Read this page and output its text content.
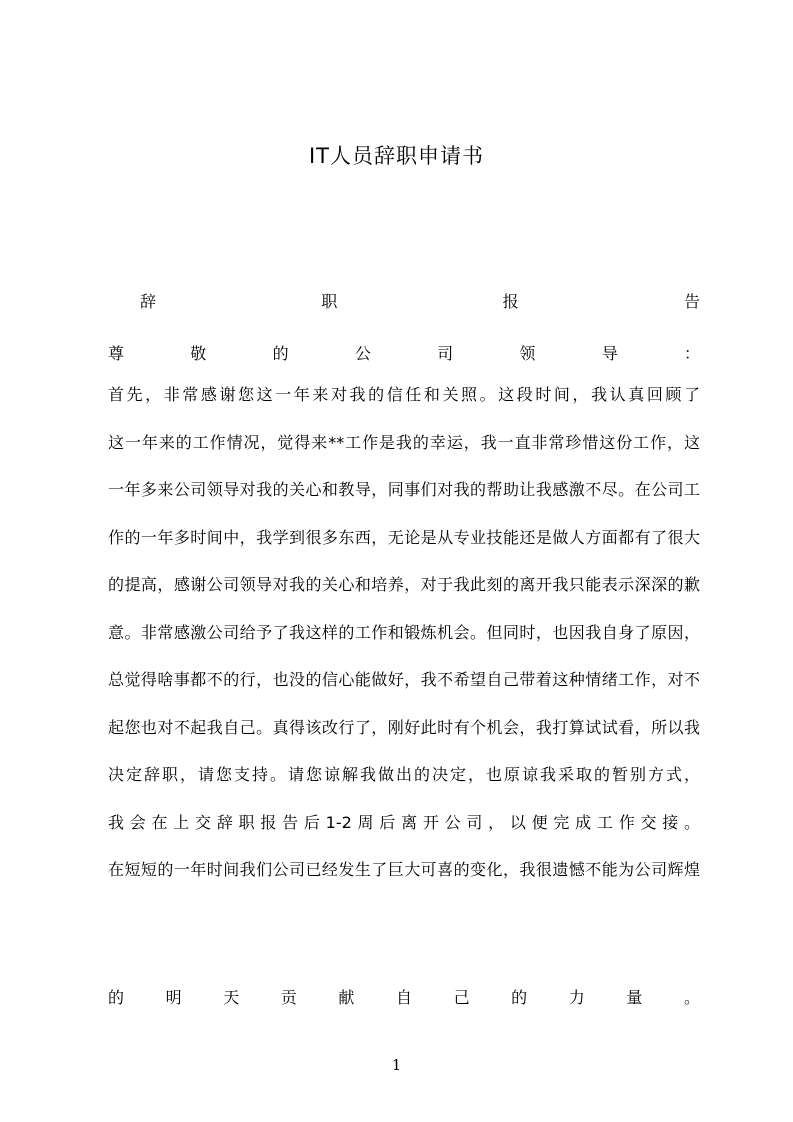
IT人员辞职申请书
辞	职	报	告
尊	敬	的	公	司	领	导	：
首先，非常感谢您这一年来对我的信任和关照。这段时间，我认真回顾了
这一年来的工作情况，觉得来**工作是我的幸运，我一直非常珍惜这份工作，这
一年多来公司领导对我的关心和教导，同事们对我的帮助让我感激不尽。在公司工
作的一年多时间中，我学到很多东西，无论是从专业技能还是做人方面都有了很大
的提高，感谢公司领导对我的关心和培养，对于我此刻的离开我只能表示深深的歉
意。非常感激公司给予了我这样的工作和锻炼机会。但同时，也因我自身了原因，
总觉得啥事都不的行，也没的信心能做好，我不希望自己带着这种情绪工作，对不
起您也对不起我自己。真得该改行了，刚好此时有个机会，我打算试试看，所以我
决定辞职，请您支持。请您谅解我做出的决定，也原谅我采取的暂别方式，
我会在上交辞职报告后1-2周后离开公司，以便完成工作交接。
在短短的一年时间我们公司已经发生了巨大可喜的变化，我很遗憾不能为公司辉煌
的	明	天	贡	献	自	己	的	力	量	。
1
